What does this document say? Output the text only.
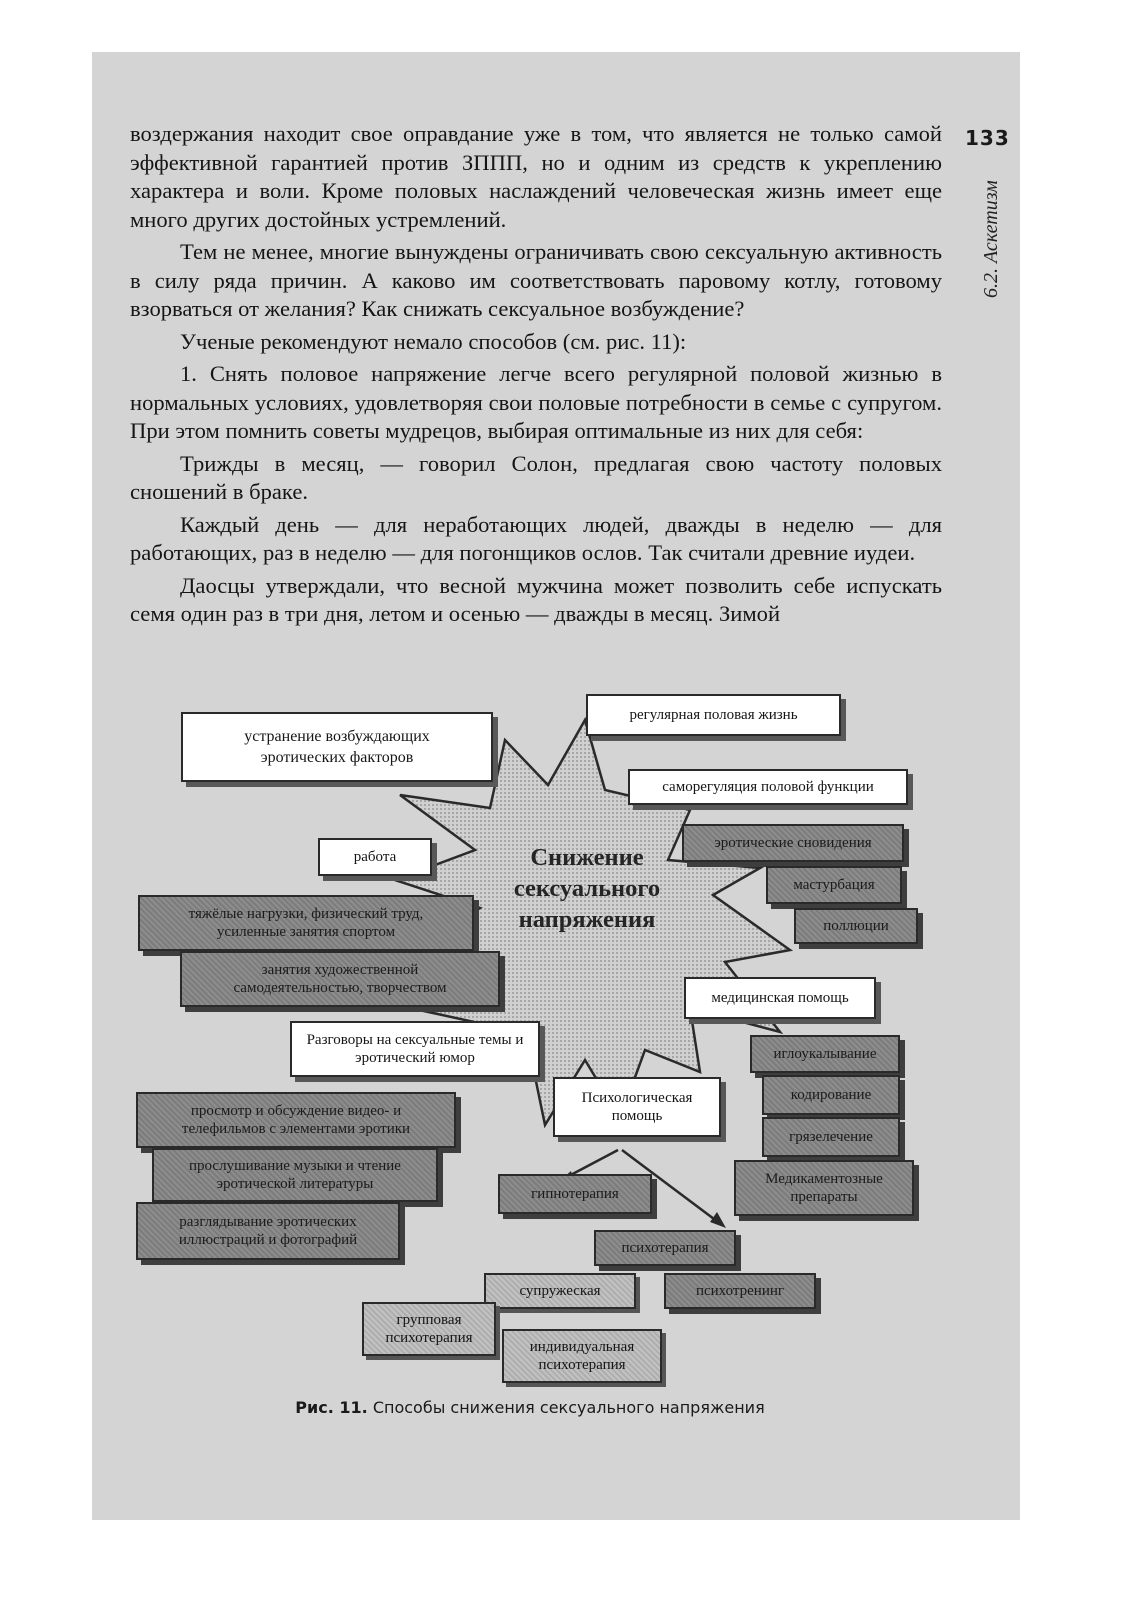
133
6.2. Аскетизм

воздержания находит свое оправдание уже в том, что является не только самой эффективной гарантией против ЗППП, но и одним из средств к укреплению характера и воли. Кроме половых наслаждений человеческая жизнь имеет еще много других достойных устремлений.

Тем не менее, многие вынуждены ограничивать свою сексуальную активность в силу ряда причин. А каково им соответствовать паровому котлу, готовому взорваться от желания? Как снижать сексуальное возбуждение?

Ученые рекомендуют немало способов (см. рис. 11):

1. Снять половое напряжение легче всего регулярной половой жизнью в нормальных условиях, удовлетворяя свои половые потребности в семье с супругом. При этом помнить советы мудрецов, выбирая оптимальные из них для себя:

Трижды в месяц, — говорил Солон, предлагая свою частоту половых сношений в браке.

Каждый день — для неработающих людей, дважды в неделю — для работающих, раз в неделю — для погонщиков ослов. Так считали древние иудеи.

Даосцы утверждали, что весной мужчина может позволить себе испускать семя один раз в три дня, летом и осенью — дважды в месяц. Зимой

Снижение сексуального напряжения
устранение возбуждающих эротических факторов
регулярная половая жизнь
саморегуляция половой функции
эротические сновидения
мастурбация
поллюции
работа
тяжёлые нагрузки, физический труд, усиленные занятия спортом
занятия художественной самодеятельностью, творчеством
медицинская помощь
Разговоры на сексуальные темы и эротический юмор
Психологическая помощь
просмотр и обсуждение видео- и телефильмов с элементами эротики
прослушивание музыки и чтение эротической литературы
разглядывание эротических иллюстраций и фотографий
иглоукалывание
кодирование
грязелечение
Медикаментозные препараты
гипнотерапия
психотерапия
супружеская	психотренинг
групповая психотерапия
индивидуальная психотерапия
Рис. 11. Способы снижения сексуального напряжения
